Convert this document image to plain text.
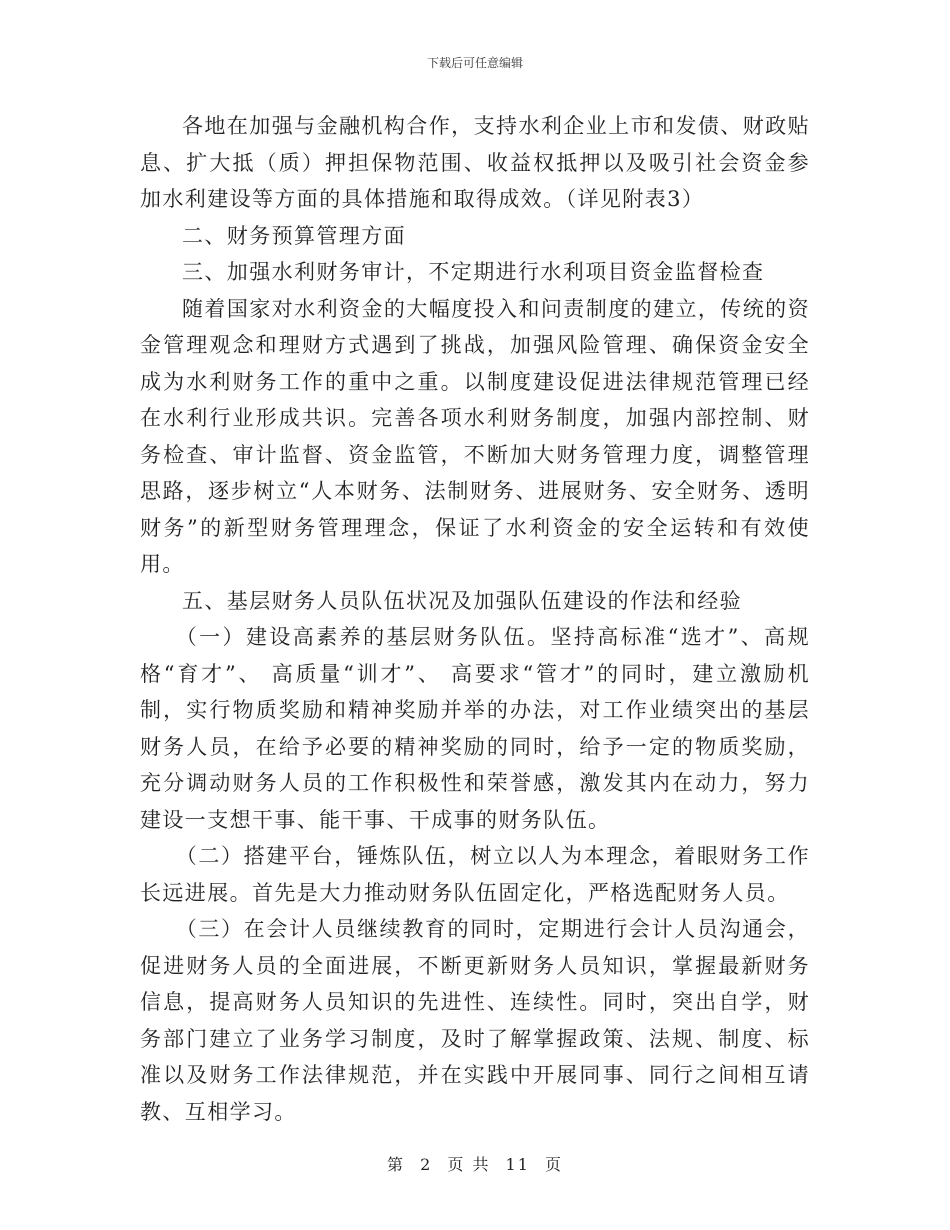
下载后可任意编辑

各地在加强与金融机构合作，支持水利企业上市和发债、财政贴息、扩大抵（质）押担保物范围、收益权抵押以及吸引社会资金参加水利建设等方面的具体措施和取得成效。（详见附表3）

二、财务预算管理方面

三、加强水利财务审计，不定期进行水利项目资金监督检查

随着国家对水利资金的大幅度投入和问责制度的建立，传统的资金管理观念和理财方式遇到了挑战，加强风险管理、确保资金安全成为水利财务工作的重中之重。以制度建设促进法律规范管理已经在水利行业形成共识。完善各项水利财务制度，加强内部控制、财务检查、审计监督、资金监管，不断加大财务管理力度，调整管理思路，逐步树立“人本财务、法制财务、进展财务、安全财务、透明财务”的新型财务管理理念，保证了水利资金的安全运转和有效使用。

五、基层财务人员队伍状况及加强队伍建设的作法和经验

（一）建设高素养的基层财务队伍。坚持高标准“选才”、高规格“育才”、 高质量“训才”、 高要求“管才”的同时，建立激励机制，实行物质奖励和精神奖励并举的办法，对工作业绩突出的基层财务人员，在给予必要的精神奖励的同时，给予一定的物质奖励，充分调动财务人员的工作积极性和荣誉感，激发其内在动力，努力建设一支想干事、能干事、干成事的财务队伍。

（二）搭建平台，锤炼队伍，树立以人为本理念，着眼财务工作长远进展。首先是大力推动财务队伍固定化，严格选配财务人员。

（三）在会计人员继续教育的同时，定期进行会计人员沟通会，促进财务人员的全面进展，不断更新财务人员知识，掌握最新财务信息，提高财务人员知识的先进性、连续性。同时，突出自学，财务部门建立了业务学习制度，及时了解掌握政策、法规、制度、标准以及财务工作法律规范，并在实践中开展同事、同行之间相互请教、互相学习。

第 2 页 共 11 页
